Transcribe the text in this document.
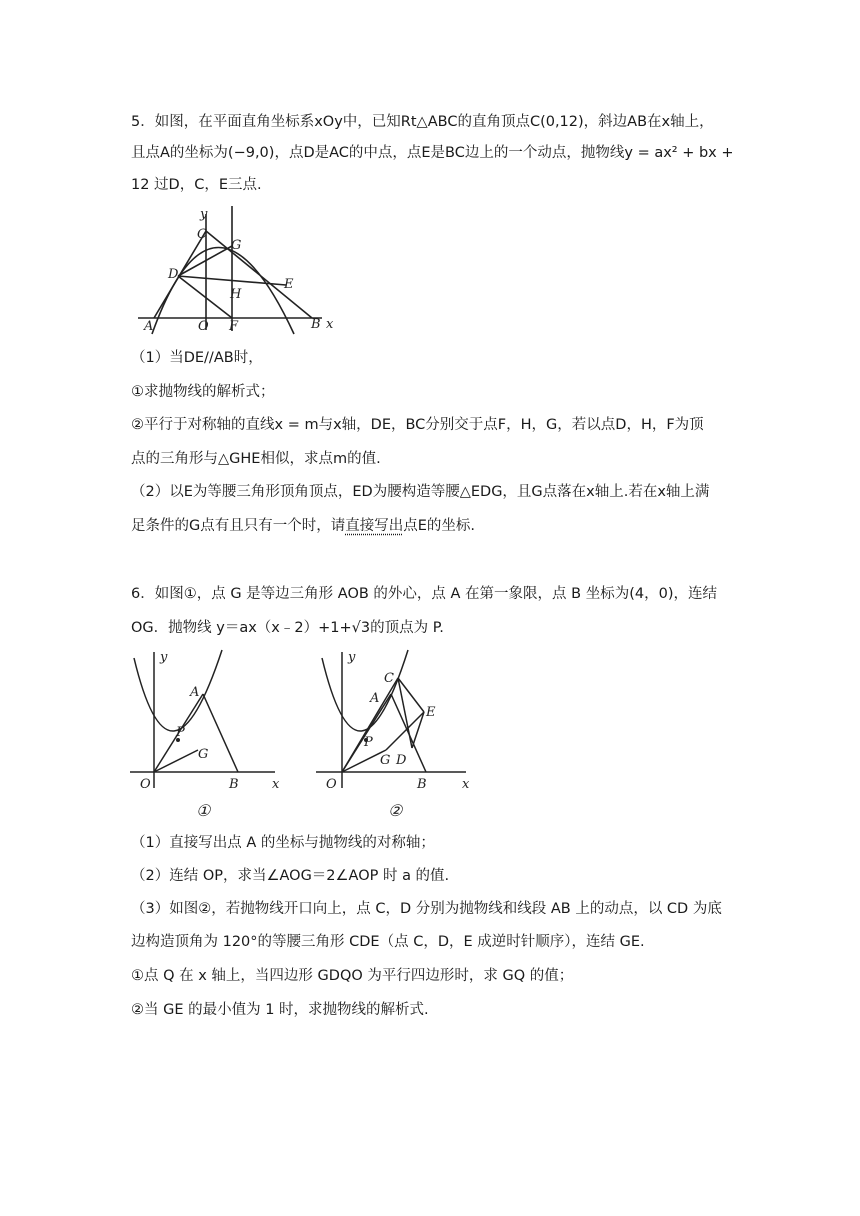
5．如图，在平面直角坐标系xOy中，已知Rt△ABC的直角顶点C(0,12)，斜边AB在x轴上，
且点A的坐标为(−9,0)，点D是AC的中点，点E是BC边上的一个动点，抛物线y = ax² + bx +
12 过D，C，E三点.
y
C
G
D
E
H
A	O F	B x
（1）当DE//AB时，
①求抛物线的解析式；
②平行于对称轴的直线x = m与x轴，DE，BC分别交于点F，H，G，若以点D，H，F为顶
点的三角形与△GHE相似，求点m的值.
（2）以E为等腰三角形顶角顶点，ED为腰构造等腰△EDG，且G点落在x轴上.若在x轴上满
足条件的G点有且只有一个时，请直接写出点E的坐标.
6．如图①，点 G 是等边三角形 AOB 的外心，点 A 在第一象限，点 B 坐标为(4，0)，连结
OG．抛物线 y＝ax（x﹣2）+1+√3的顶点为 P.
y
A
P
G
O	B	x
①
y
C
A
E
P
G D
O	B	x
②
（1）直接写出点 A 的坐标与抛物线的对称轴；
（2）连结 OP，求当∠AOG＝2∠AOP 时 a 的值.
（3）如图②，若抛物线开口向上，点 C，D 分别为抛物线和线段 AB 上的动点，以 CD 为底
边构造顶角为 120°的等腰三角形 CDE（点 C，D，E 成逆时针顺序），连结 GE.
①点 Q 在 x 轴上，当四边形 GDQO 为平行四边形时，求 GQ 的值；
②当 GE 的最小值为 1 时，求抛物线的解析式.
